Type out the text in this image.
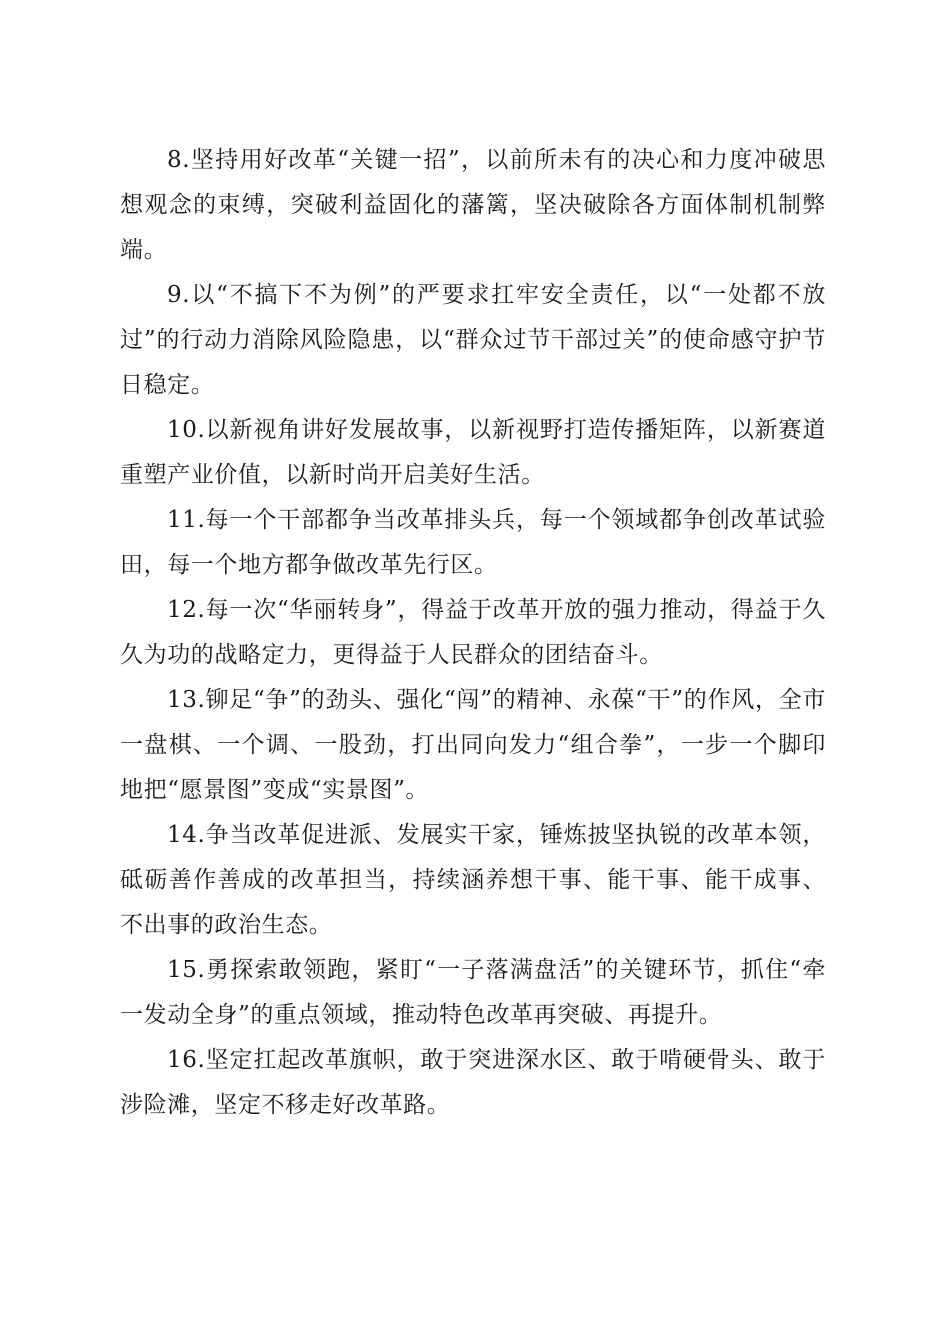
8.坚持用好改革“关键一招”，以前所未有的决心和力度冲破思想观念的束缚，突破利益固化的藩篱，坚决破除各方面体制机制弊端。

9.以“不搞下不为例”的严要求扛牢安全责任，以“一处都不放过”的行动力消除风险隐患，以“群众过节干部过关”的使命感守护节日稳定。

10.以新视角讲好发展故事，以新视野打造传播矩阵，以新赛道重塑产业价值，以新时尚开启美好生活。

11.每一个干部都争当改革排头兵，每一个领域都争创改革试验田，每一个地方都争做改革先行区。

12.每一次“华丽转身”，得益于改革开放的强力推动，得益于久久为功的战略定力，更得益于人民群众的团结奋斗。

13.铆足“争”的劲头、强化“闯”的精神、永葆“干”的作风，全市一盘棋、一个调、一股劲，打出同向发力“组合拳”，一步一个脚印地把“愿景图”变成“实景图”。

14.争当改革促进派、发展实干家，锤炼披坚执锐的改革本领，砥砺善作善成的改革担当，持续涵养想干事、能干事、能干成事、不出事的政治生态。

15.勇探索敢领跑，紧盯“一子落满盘活”的关键环节，抓住“牵一发动全身”的重点领域，推动特色改革再突破、再提升。

16.坚定扛起改革旗帜，敢于突进深水区、敢于啃硬骨头、敢于涉险滩，坚定不移走好改革路。
